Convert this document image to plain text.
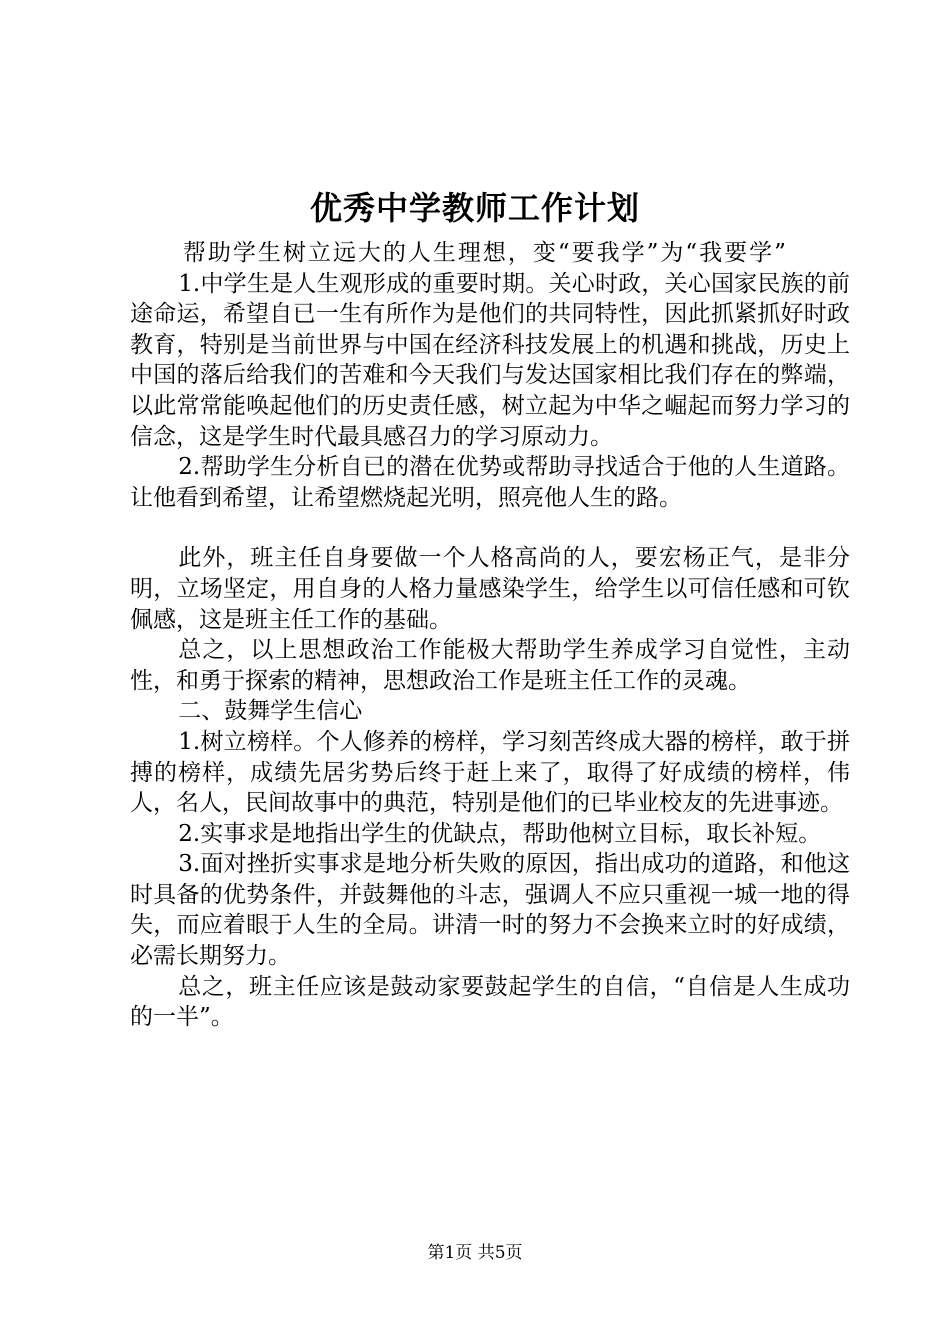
优秀中学教师工作计划

帮助学生树立远大的人生理想，变“要我学”为“我要学”

1.中学生是人生观形成的重要时期。关心时政，关心国家民族的前途命运，希望自已一生有所作为是他们的共同特性，因此抓紧抓好时政教育，特别是当前世界与中国在经济科技发展上的机遇和挑战，历史上中国的落后给我们的苦难和今天我们与发达国家相比我们存在的弊端，以此常常能唤起他们的历史责任感，树立起为中华之崛起而努力学习的信念，这是学生时代最具感召力的学习原动力。

2.帮助学生分析自已的潜在优势或帮助寻找适合于他的人生道路。让他看到希望，让希望燃烧起光明，照亮他人生的路。

此外，班主任自身要做一个人格高尚的人，要宏杨正气，是非分明，立场坚定，用自身的人格力量感染学生，给学生以可信任感和可钦佩感，这是班主任工作的基础。

总之，以上思想政治工作能极大帮助学生养成学习自觉性，主动性，和勇于探索的精神，思想政治工作是班主任工作的灵魂。

二、鼓舞学生信心

1.树立榜样。个人修养的榜样，学习刻苦终成大器的榜样，敢于拼搏的榜样，成绩先居劣势后终于赶上来了，取得了好成绩的榜样，伟人，名人，民间故事中的典范，特别是他们的已毕业校友的先进事迹。

2.实事求是地指出学生的优缺点，帮助他树立目标，取长补短。

3.面对挫折实事求是地分析失败的原因，指出成功的道路，和他这时具备的优势条件，并鼓舞他的斗志，强调人不应只重视一城一地的得失，而应着眼于人生的全局。讲清一时的努力不会换来立时的好成绩，必需长期努力。

总之，班主任应该是鼓动家要鼓起学生的自信，“自信是人生成功的一半”。

第1页 共5页
